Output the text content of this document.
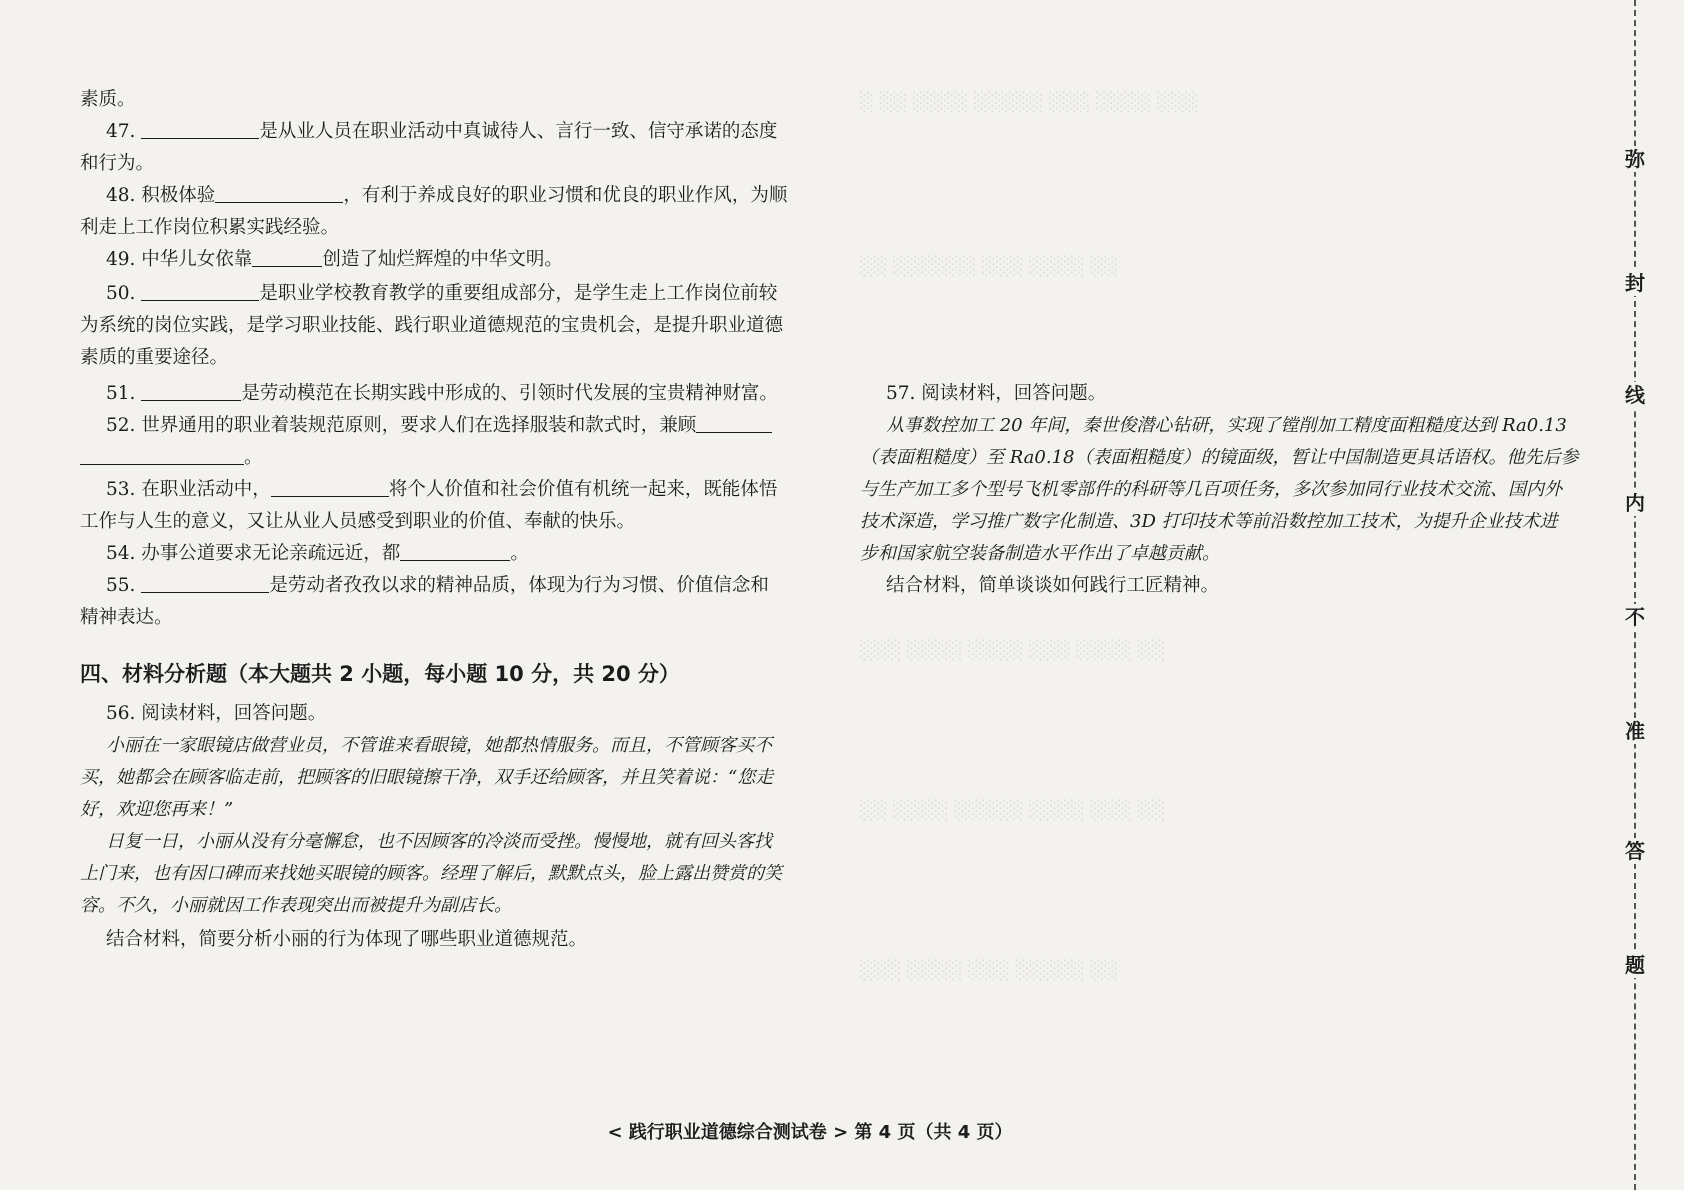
░ ░░ ░░░░ ░░░░░ ░░░ ░░░░ ░░░
░░ ░░░░░░ ░░░ ░░░░ ░░
░░░ ░░░░ ░░░░ ░░░ ░░░░ ░░
░░ ░░░░ ░░░░░ ░░░░ ░░░ ░░
░░░ ░░░░ ░░░ ░░░░░ ░░
素质。
47.	是从业人员在职业活动中真诚待人、言行一致、信守承诺的态度
和行为。
48. 积极体验	，有利于养成良好的职业习惯和优良的职业作风，为顺
利走上工作岗位积累实践经验。
49. 中华儿女依靠	创造了灿烂辉煌的中华文明。
50.	是职业学校教育教学的重要组成部分，是学生走上工作岗位前较
为系统的岗位实践，是学习职业技能、践行职业道德规范的宝贵机会，是提升职业道德
素质的重要途径。
51.	是劳动模范在长期实践中形成的、引领时代发展的宝贵精神财富。
52. 世界通用的职业着装规范原则，要求人们在选择服装和款式时，兼顾
。
53. 在职业活动中，	将个人价值和社会价值有机统一起来，既能体悟
工作与人生的意义，又让从业人员感受到职业的价值、奉献的快乐。
54. 办事公道要求无论亲疏远近，都	。
55.	是劳动者孜孜以求的精神品质，体现为行为习惯、价值信念和
精神表达。
四、材料分析题（本大题共 2 小题，每小题 10 分，共 20 分）
56. 阅读材料，回答问题。
小丽在一家眼镜店做营业员，不管谁来看眼镜，她都热情服务。而且，不管顾客买不
买，她都会在顾客临走前，把顾客的旧眼镜擦干净，双手还给顾客，并且笑着说：“您走
好，欢迎您再来！”
日复一日，小丽从没有分毫懈怠，也不因顾客的冷淡而受挫。慢慢地，就有回头客找
上门来，也有因口碑而来找她买眼镜的顾客。经理了解后，默默点头，脸上露出赞赏的笑
容。不久，小丽就因工作表现突出而被提升为副店长。
结合材料，简要分析小丽的行为体现了哪些职业道德规范。
57. 阅读材料，回答问题。
从事数控加工 20 年间，秦世俊潜心钻研，实现了镗削加工精度面粗糙度达到 Ra0.13
（表面粗糙度）至 Ra0.18（表面粗糙度）的镜面级，暂让中国制造更具话语权。他先后参
与生产加工多个型号飞机零部件的科研等几百项任务，多次参加同行业技术交流、国内外
技术深造，学习推广数字化制造、3D 打印技术等前沿数控加工技术，为提升企业技术进
步和国家航空装备制造水平作出了卓越贡献。
结合材料，简单谈谈如何践行工匠精神。
< 践行职业道德综合测试卷 > 第 4 页（共 4 页）
弥
封
线
内
不
准
答
题
